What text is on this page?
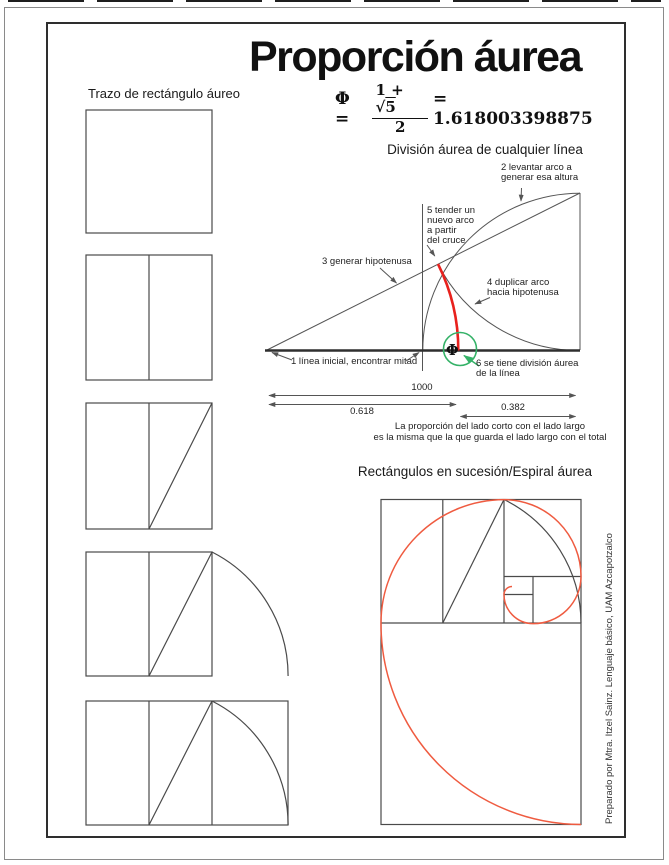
Proporción áurea
Φ =	$\frac{1 + √5}{2} = 1.618003398875$
Trazo de rectángulo áureo
División áurea de cualquier línea
2 levantar arco a
generar esa altura
5 tender un
nuevo arco
a partir
del cruce
3 generar hipotenusa
4 duplicar arco
hacia hipotenusa
1 línea inicial, encontrar mitad	6 se tiene división áurea
de la línea
Φ
1000
0.618	0.382
La proporción del lado corto con el lado largo
es la misma que la que guarda el lado largo con el total
Rectángulos en sucesión/Espiral áurea
Preparado por Mtra. Itzel Sainz. Lenguaje básico, UAM Azcapotzalco
